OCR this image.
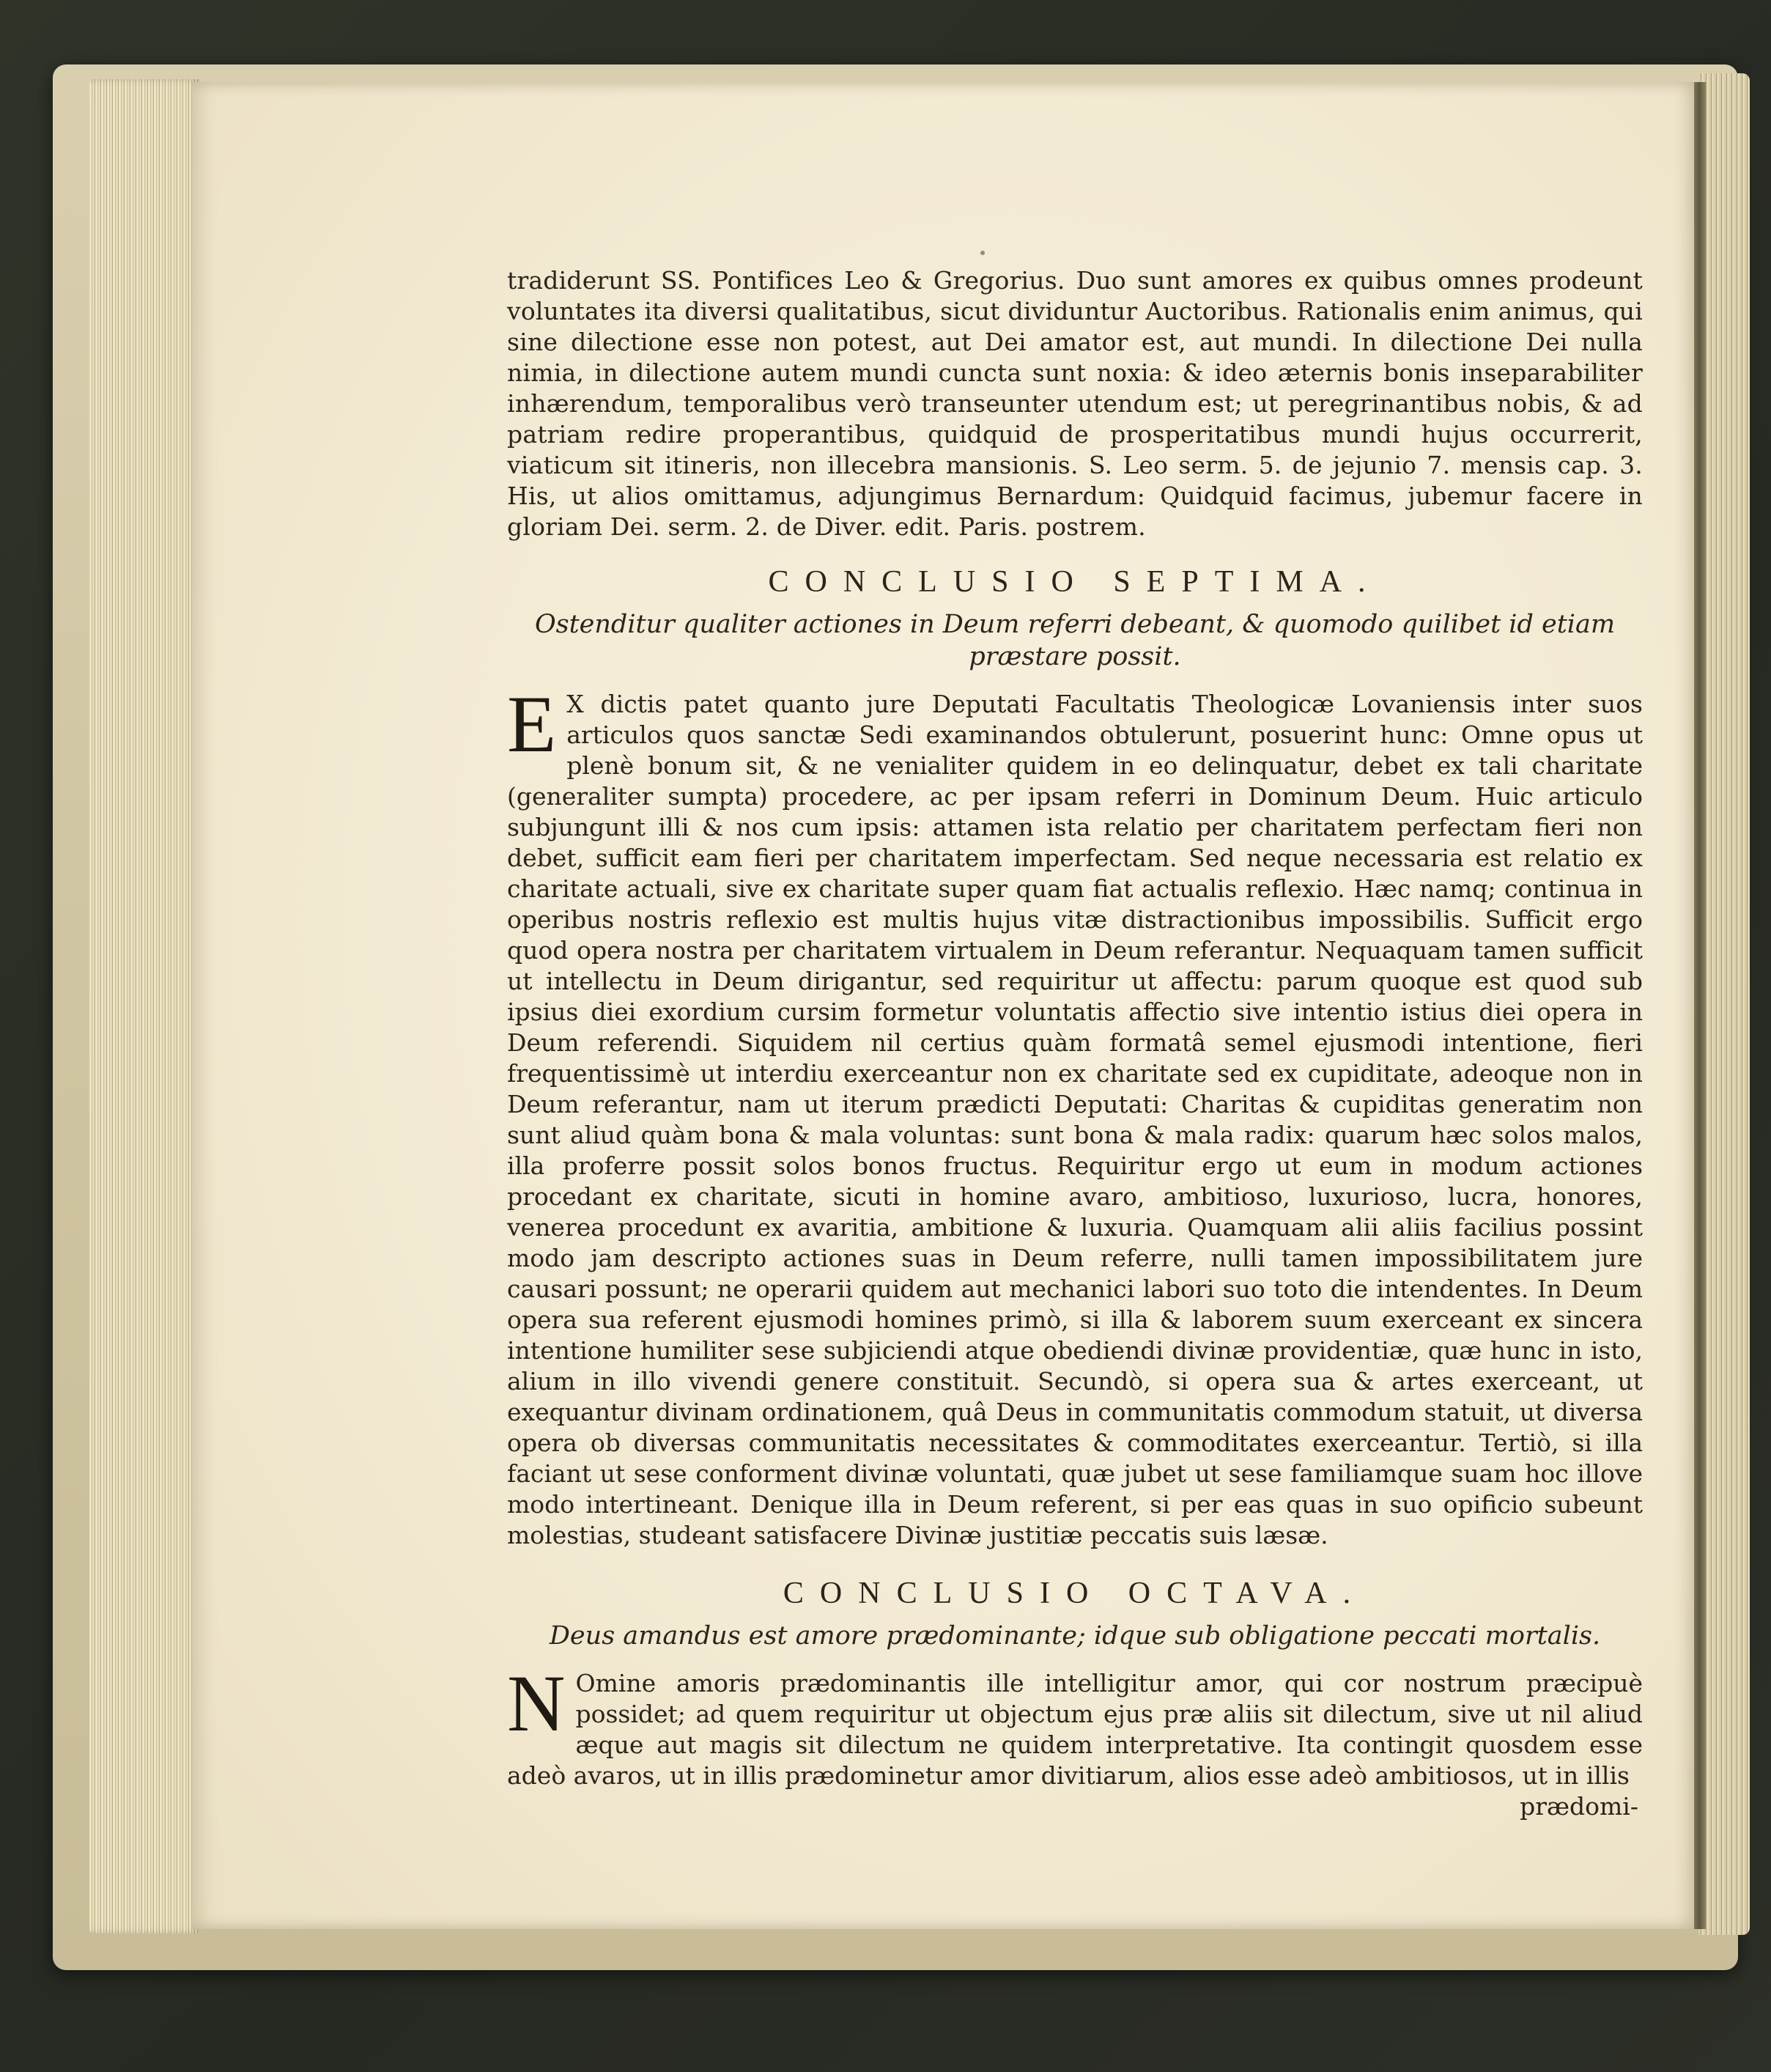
tradiderunt SS. Pontifices Leo & Gregorius. Duo sunt amores ex quibus omnes prodeunt voluntates ita diversi qualitatibus, sicut dividuntur Auctoribus. Rationalis enim animus, qui sine dilectione esse non potest, aut Dei amator est, aut mundi. In dilectione Dei nulla nimia, in dilectione autem mundi cuncta sunt noxia: & ideo æternis bonis inseparabiliter inhærendum, temporalibus verò transeunter utendum est; ut peregrinantibus nobis, & ad patriam redire properantibus, quidquid de prosperitatibus mundi hujus occurrerit, viaticum sit itineris, non illecebra mansionis. S. Leo serm. 5. de jejunio 7. mensis cap. 3. His, ut alios omittamus, adjungimus Bernardum: Quidquid facimus, jubemur facere in gloriam Dei. serm. 2. de Diver. edit. Paris. postrem.

CONCLUSIO SEPTIMA.
Ostenditur qualiter actiones in Deum referri debeant, & quomodo quilibet id etiam præstare possit.

E X dictis patet quanto jure Deputati Facultatis Theologicæ Lovaniensis inter suos articulos quos sanctæ Sedi examinandos obtulerunt, posuerint hunc: Omne opus ut plenè bonum sit, & ne venialiter quidem in eo delinquatur, debet ex tali charitate (generaliter sumpta) procedere, ac per ipsam referri in Dominum Deum. Huic articulo subjungunt illi & nos cum ipsis: attamen ista relatio per charitatem perfectam fieri non debet, sufficit eam fieri per charitatem imperfectam. Sed neque necessaria est relatio ex charitate actuali, sive ex charitate super quam fiat actualis reflexio. Hæc namq; continua in operibus nostris reflexio est multis hujus vitæ distractionibus impossibilis. Sufficit ergo quod opera nostra per charitatem virtualem in Deum referantur. Nequaquam tamen sufficit ut intellectu in Deum dirigantur, sed requiritur ut affectu: parum quoque est quod sub ipsius diei exordium cursim formetur voluntatis affectio sive intentio istius diei opera in Deum referendi. Siquidem nil certius quàm formatâ semel ejusmodi intentione, fieri frequentissimè ut interdiu exerceantur non ex charitate sed ex cupiditate, adeoque non in Deum referantur, nam ut iterum prædicti Deputati: Charitas & cupiditas generatim non sunt aliud quàm bona & mala voluntas: sunt bona & mala radix: quarum hæc solos malos, illa proferre possit solos bonos fructus. Requiritur ergo ut eum in modum actiones procedant ex charitate, sicuti in homine avaro, ambitioso, luxurioso, lucra, honores, venerea procedunt ex avaritia, ambitione & luxuria. Quamquam alii aliis facilius possint modo jam descripto actiones suas in Deum referre, nulli tamen impossibilitatem jure causari possunt; ne operarii quidem aut mechanici labori suo toto die intendentes. In Deum opera sua referent ejusmodi homines primò, si illa & laborem suum exerceant ex sincera intentione humiliter sese subjiciendi atque obediendi divinæ providentiæ, quæ hunc in isto, alium in illo vivendi genere constituit. Secundò, si opera sua & artes exerceant, ut exequantur divinam ordinationem, quâ Deus in communitatis commodum statuit, ut diversa opera ob diversas communitatis necessitates & commoditates exerceantur. Tertiò, si illa faciant ut sese conforment divinæ voluntati, quæ jubet ut sese familiamque suam hoc illove modo intertineant. Denique illa in Deum referent, si per eas quas in suo opificio subeunt molestias, studeant satisfacere Divinæ justitiæ peccatis suis læsæ.

CONCLUSIO OCTAVA.
Deus amandus est amore prædominante; idque sub obligatione peccati mortalis.

N Omine amoris prædominantis ille intelligitur amor, qui cor nostrum præcipuè possidet; ad quem requiritur ut objectum ejus præ aliis sit dilectum, sive ut nil aliud æque aut magis sit dilectum ne quidem interpretative. Ita contingit quosdem esse adeò avaros, ut in illis prædominetur amor divitiarum, alios esse adeò ambitiosos, ut in illis

prædomi-
